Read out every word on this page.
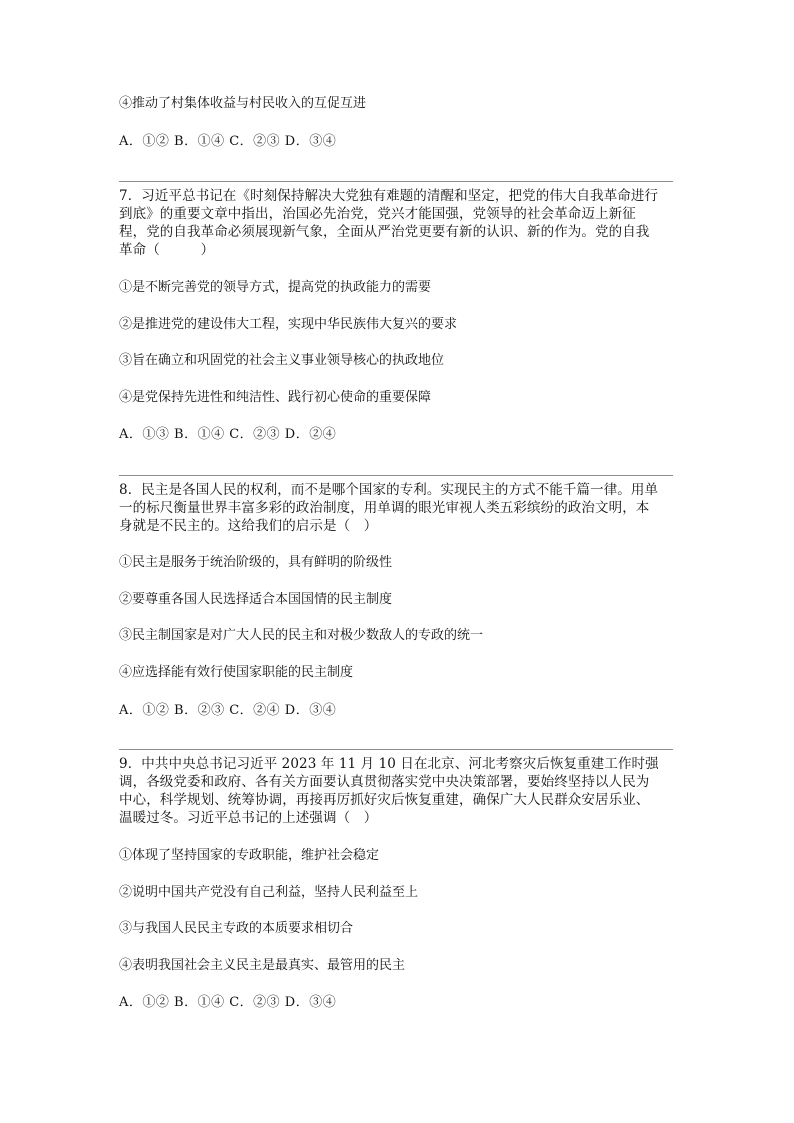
④推动了村集体收益与村民收入的互促互进
A．①② B．①④ C．②③ D．③④
7．习近平总书记在《时刻保持解决大党独有难题的清醒和坚定，把党的伟大自我革命进行
到底》的重要文章中指出，治国必先治党，党兴才能国强，党领导的社会革命迈上新征
程，党的自我革命必须展现新气象，全面从严治党更要有新的认识、新的作为。党的自我
革命（　　　）
①是不断完善党的领导方式，提高党的执政能力的需要
②是推进党的建设伟大工程，实现中华民族伟大复兴的要求
③旨在确立和巩固党的社会主义事业领导核心的执政地位
④是党保持先进性和纯洁性、践行初心使命的重要保障
A．①③ B．①④ C．②③ D．②④
8．民主是各国人民的权利，而不是哪个国家的专利。实现民主的方式不能千篇一律。用单
一的标尺衡量世界丰富多彩的政治制度，用单调的眼光审视人类五彩缤纷的政治文明，本
身就是不民主的。这给我们的启示是（　）
①民主是服务于统治阶级的，具有鲜明的阶级性
②要尊重各国人民选择适合本国国情的民主制度
③民主制国家是对广大人民的民主和对极少数敌人的专政的统一
④应选择能有效行使国家职能的民主制度
A．①② B．②③ C．②④ D．③④
9．中共中央总书记习近平 2023 年 11 月 10 日在北京、河北考察灾后恢复重建工作时强
调，各级党委和政府、各有关方面要认真贯彻落实党中央决策部署，要始终坚持以人民为
中心，科学规划、统筹协调，再接再厉抓好灾后恢复重建，确保广大人民群众安居乐业、
温暖过冬。习近平总书记的上述强调（　）
①体现了坚持国家的专政职能，维护社会稳定
②说明中国共产党没有自己利益，坚持人民利益至上
③与我国人民民主专政的本质要求相切合
④表明我国社会主义民主是最真实、最管用的民主
A．①② B．①④ C．②③ D．③④
